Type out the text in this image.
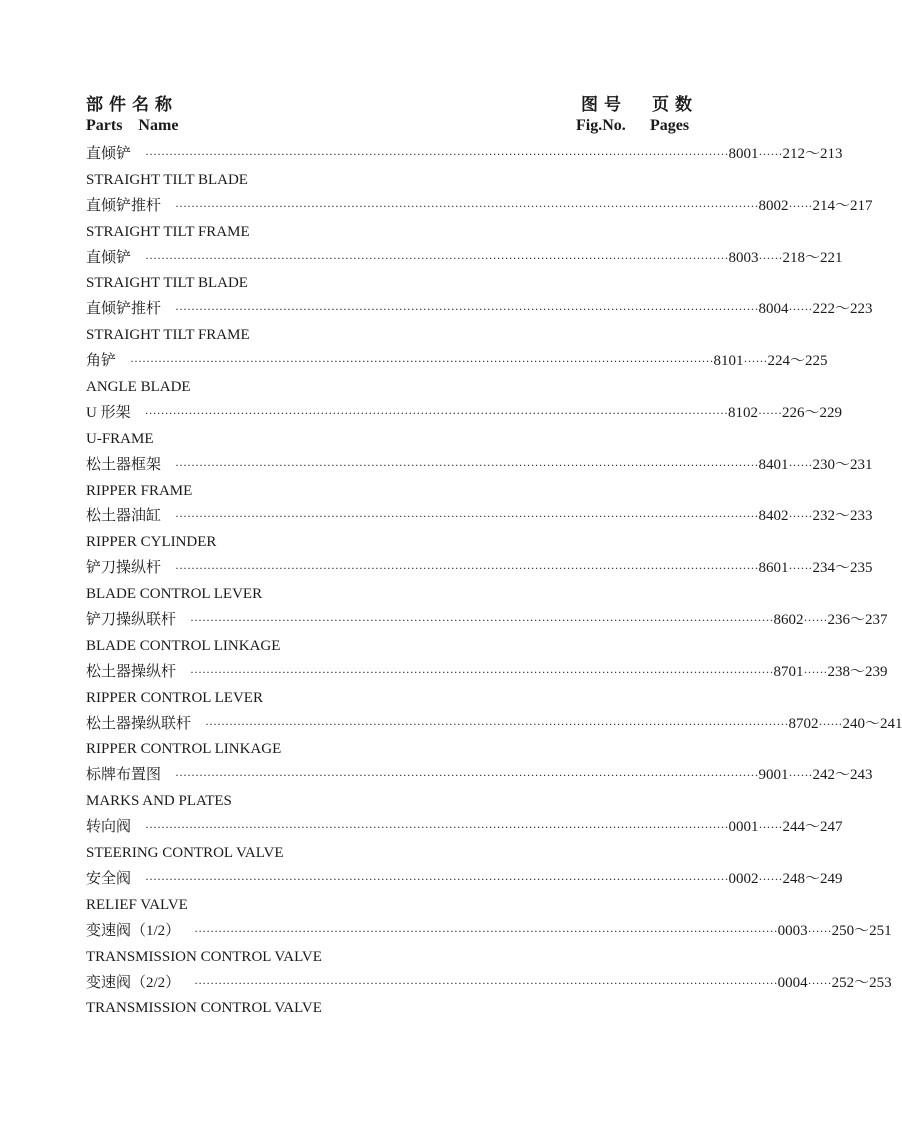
部件名称	图号 页数
Parts    Name	Fig.No. Pages
直倾铲	·················································································································································· 8001 ······ 212～213
STRAIGHT TILT BLADE
直倾铲推杆	·················································································································································· 8002 ······ 214～217
STRAIGHT TILT FRAME
直倾铲	·················································································································································· 8003 ······ 218～221
STRAIGHT TILT BLADE
直倾铲推杆	·················································································································································· 8004 ······ 222～223
STRAIGHT TILT FRAME
角铲	·················································································································································· 8101 ······ 224～225
ANGLE BLADE
U 形架	·················································································································································· 8102 ······ 226～229
U-FRAME
松土器框架	·················································································································································· 8401 ······ 230～231
RIPPER FRAME
松土器油缸	·················································································································································· 8402 ······ 232～233
RIPPER CYLINDER
铲刀操纵杆	·················································································································································· 8601 ······ 234～235
BLADE CONTROL LEVER
铲刀操纵联杆	·················································································································································· 8602 ······ 236～237
BLADE CONTROL LINKAGE
松土器操纵杆	·················································································································································· 8701 ······ 238～239
RIPPER CONTROL LEVER
松土器操纵联杆	·················································································································································· 8702 ······ 240～241
RIPPER CONTROL LINKAGE
标牌布置图	·················································································································································· 9001 ······ 242～243
MARKS AND PLATES
转向阀	·················································································································································· 0001 ······ 244～247
STEERING CONTROL VALVE
安全阀	·················································································································································· 0002 ······ 248～249
RELIEF VALVE
变速阀（1/2）	·················································································································································· 0003 ······ 250～251
TRANSMISSION CONTROL VALVE
变速阀（2/2）	·················································································································································· 0004 ······ 252～253
TRANSMISSION CONTROL VALVE
